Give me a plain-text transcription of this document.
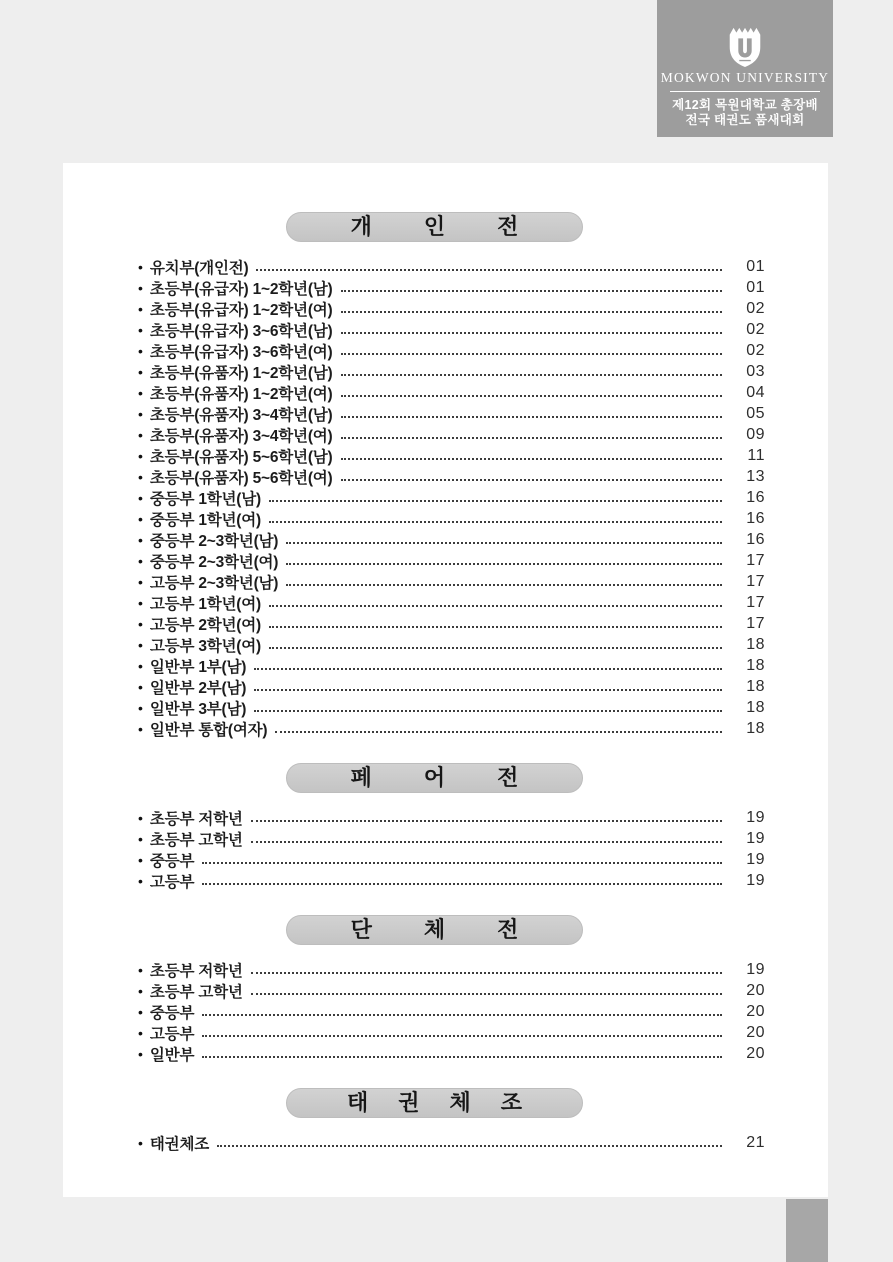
MOKWON UNIVERSITY
제12회 목원대학교 총장배
전국 태권도 품새대회
개인전
• 유치부(개인전)	01
• 초등부(유급자) 1~2학년(남)	01
• 초등부(유급자) 1~2학년(여)	02
• 초등부(유급자) 3~6학년(남)	02
• 초등부(유급자) 3~6학년(여)	02
• 초등부(유품자) 1~2학년(남)	03
• 초등부(유품자) 1~2학년(여)	04
• 초등부(유품자) 3~4학년(남)	05
• 초등부(유품자) 3~4학년(여)	09
• 초등부(유품자) 5~6학년(남)	11
• 초등부(유품자) 5~6학년(여)	13
• 중등부 1학년(남)	16
• 중등부 1학년(여)	16
• 중등부 2~3학년(남)	16
• 중등부 2~3학년(여)	17
• 고등부 2~3학년(남)	17
• 고등부 1학년(여)	17
• 고등부 2학년(여)	17
• 고등부 3학년(여)	18
• 일반부 1부(남)	18
• 일반부 2부(남)	18
• 일반부 3부(남)	18
• 일반부 통합(여자)	18
페어전
• 초등부 저학년	19
• 초등부 고학년	19
• 중등부	19
• 고등부	19
단체전
• 초등부 저학년	19
• 초등부 고학년	20
• 중등부	20
• 고등부	20
• 일반부	20
태권체조
• 태권체조	21
